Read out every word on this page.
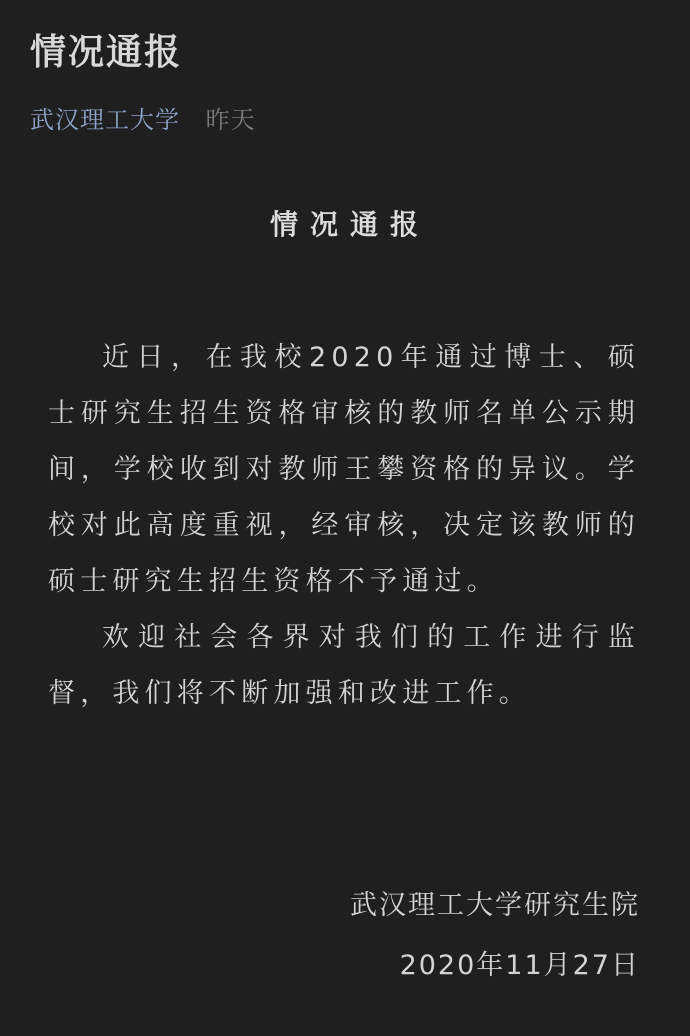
情况通报
武汉理工大学 昨天
情况通报

近日，在我校2020年通过博士、硕士研究生招生资格审核的教师名单公示期间，学校收到对教师王攀资格的异议。学校对此高度重视，经审核，决定该教师的硕士研究生招生资格不予通过。

欢迎社会各界对我们的工作进行监督，我们将不断加强和改进工作。

武汉理工大学研究生院
2020年11月27日
